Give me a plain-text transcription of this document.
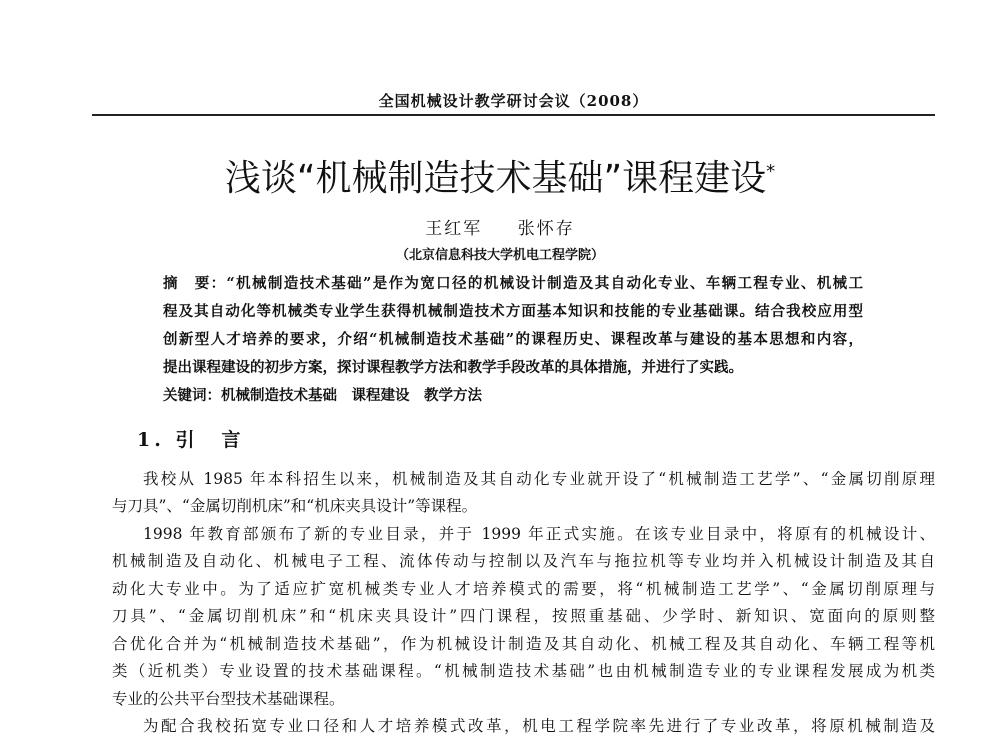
全国机械设计教学研讨会议（2008）
浅谈“机械制造技术基础”课程建设*
王红军 张怀存
（北京信息科技大学机电工程学院）
摘　要：“机械制造技术基础”是作为宽口径的机械设计制造及其自动化专业、车辆工程专业、机械工
程及其自动化等机械类专业学生获得机械制造技术方面基本知识和技能的专业基础课。结合我校应用型
创新型人才培养的要求，介绍“机械制造技术基础”的课程历史、课程改革与建设的基本思想和内容，
提出课程建设的初步方案，探讨课程教学方法和教学手段改革的具体措施，并进行了实践。
关键词：机械制造技术基础　课程建设　教学方法
1. 引　言
我校从 1985 年本科招生以来，机械制造及其自动化专业就开设了“机械制造工艺学”、“金属切削原理
与刀具”、“金属切削机床”和“机床夹具设计”等课程。
1998 年教育部颁布了新的专业目录，并于 1999 年正式实施。在该专业目录中，将原有的机械设计、
机械制造及自动化、机械电子工程、流体传动与控制以及汽车与拖拉机等专业均并入机械设计制造及其自
动化大专业中。为了适应扩宽机械类专业人才培养模式的需要，将“机械制造工艺学”、“金属切削原理与
刀具”、“金属切削机床”和“机床夹具设计”四门课程，按照重基础、少学时、新知识、宽面向的原则整
合优化合并为“机械制造技术基础”，作为机械设计制造及其自动化、机械工程及其自动化、车辆工程等机
类（近机类）专业设置的技术基础课程。“机械制造技术基础”也由机械制造专业的专业课程发展成为机类
专业的公共平台型技术基础课程。
为配合我校拓宽专业口径和人才培养模式改革，机电工程学院率先进行了专业改革，将原机械制造及
